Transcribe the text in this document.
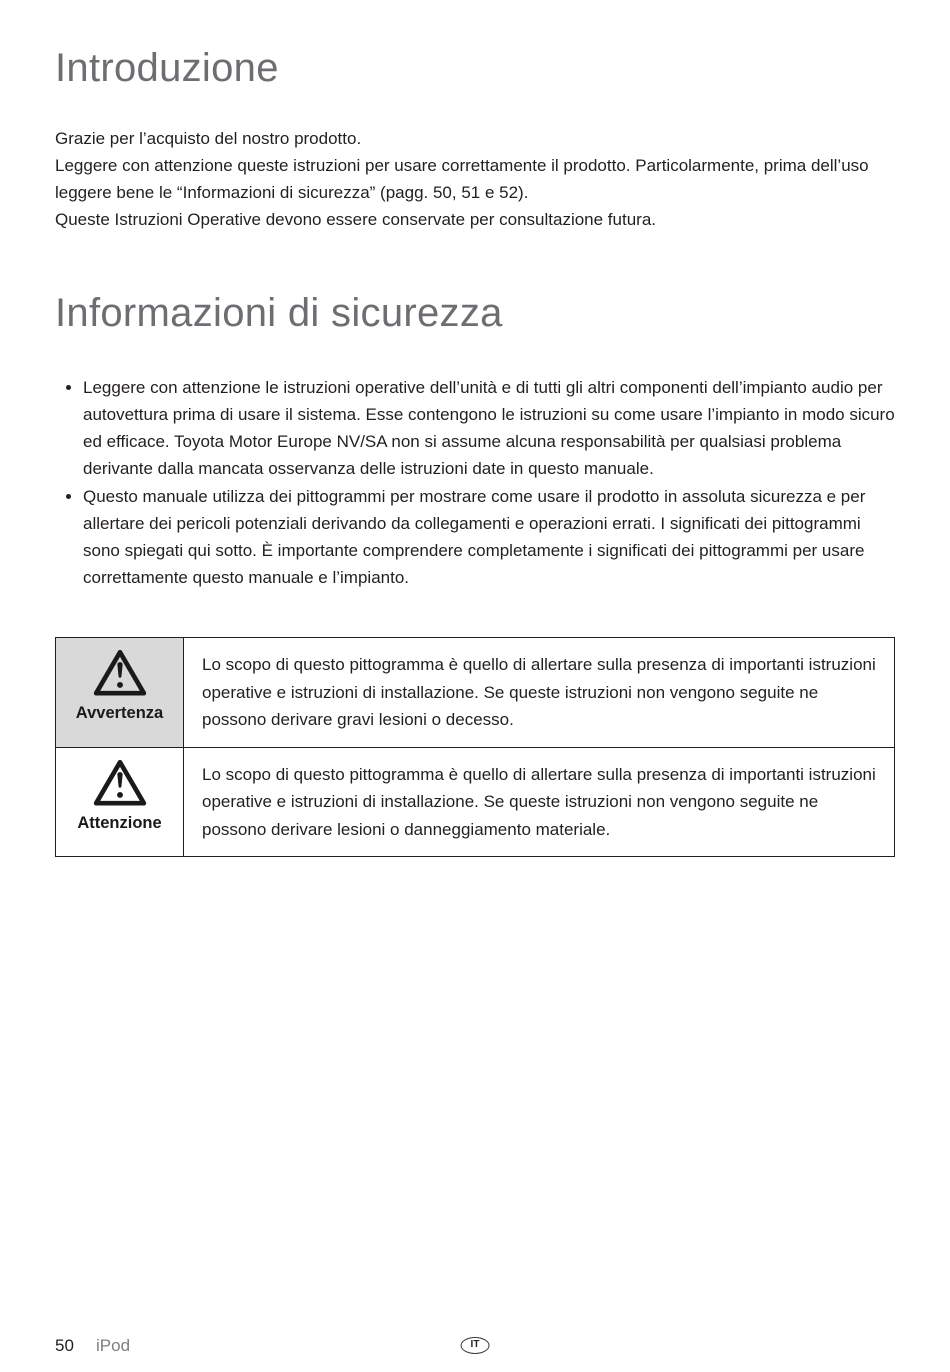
Introduzione

Grazie per l’acquisto del nostro prodotto.
Leggere con attenzione queste istruzioni per usare correttamente il prodotto. Particolarmente, prima dell’uso leggere bene le “Informazioni di sicurezza” (pagg. 50, 51 e 52).
Queste Istruzioni Operative devono essere conservate per consultazione futura.

Informazioni di sicurezza
• Leggere con attenzione le istruzioni operative dell’unità e di tutti gli altri componenti dell’impianto audio per autovettura prima di usare il sistema. Esse contengono le istruzioni su come usare l’impianto in modo sicuro ed efficace. Toyota Motor Europe NV/SA non si assume alcuna responsabilità per qualsiasi problema derivante dalla mancata osservanza delle istruzioni date in questo manuale.
• Questo manuale utilizza dei pittogrammi per mostrare come usare il prodotto in assoluta sicurezza e per allertare dei pericoli potenziali derivando da collegamenti e operazioni errati. I significati dei pittogrammi sono spiegati qui sotto. È importante comprendere completamente i significati dei pittogrammi per usare correttamente questo manuale e l’impianto.
Avvertenza	Lo scopo di questo pittogramma è quello di allertare sulla presenza di importanti istruzioni operative e istruzioni di installazione. Se queste istruzioni non vengono seguite ne possono derivare gravi lesioni o decesso.

Attenzione	Lo scopo di questo pittogramma è quello di allertare sulla presenza di importanti istruzioni operative e istruzioni di installazione. Se queste istruzioni non vengono seguite ne possono derivare lesioni o danneggiamento materiale.
50 iPod	IT
